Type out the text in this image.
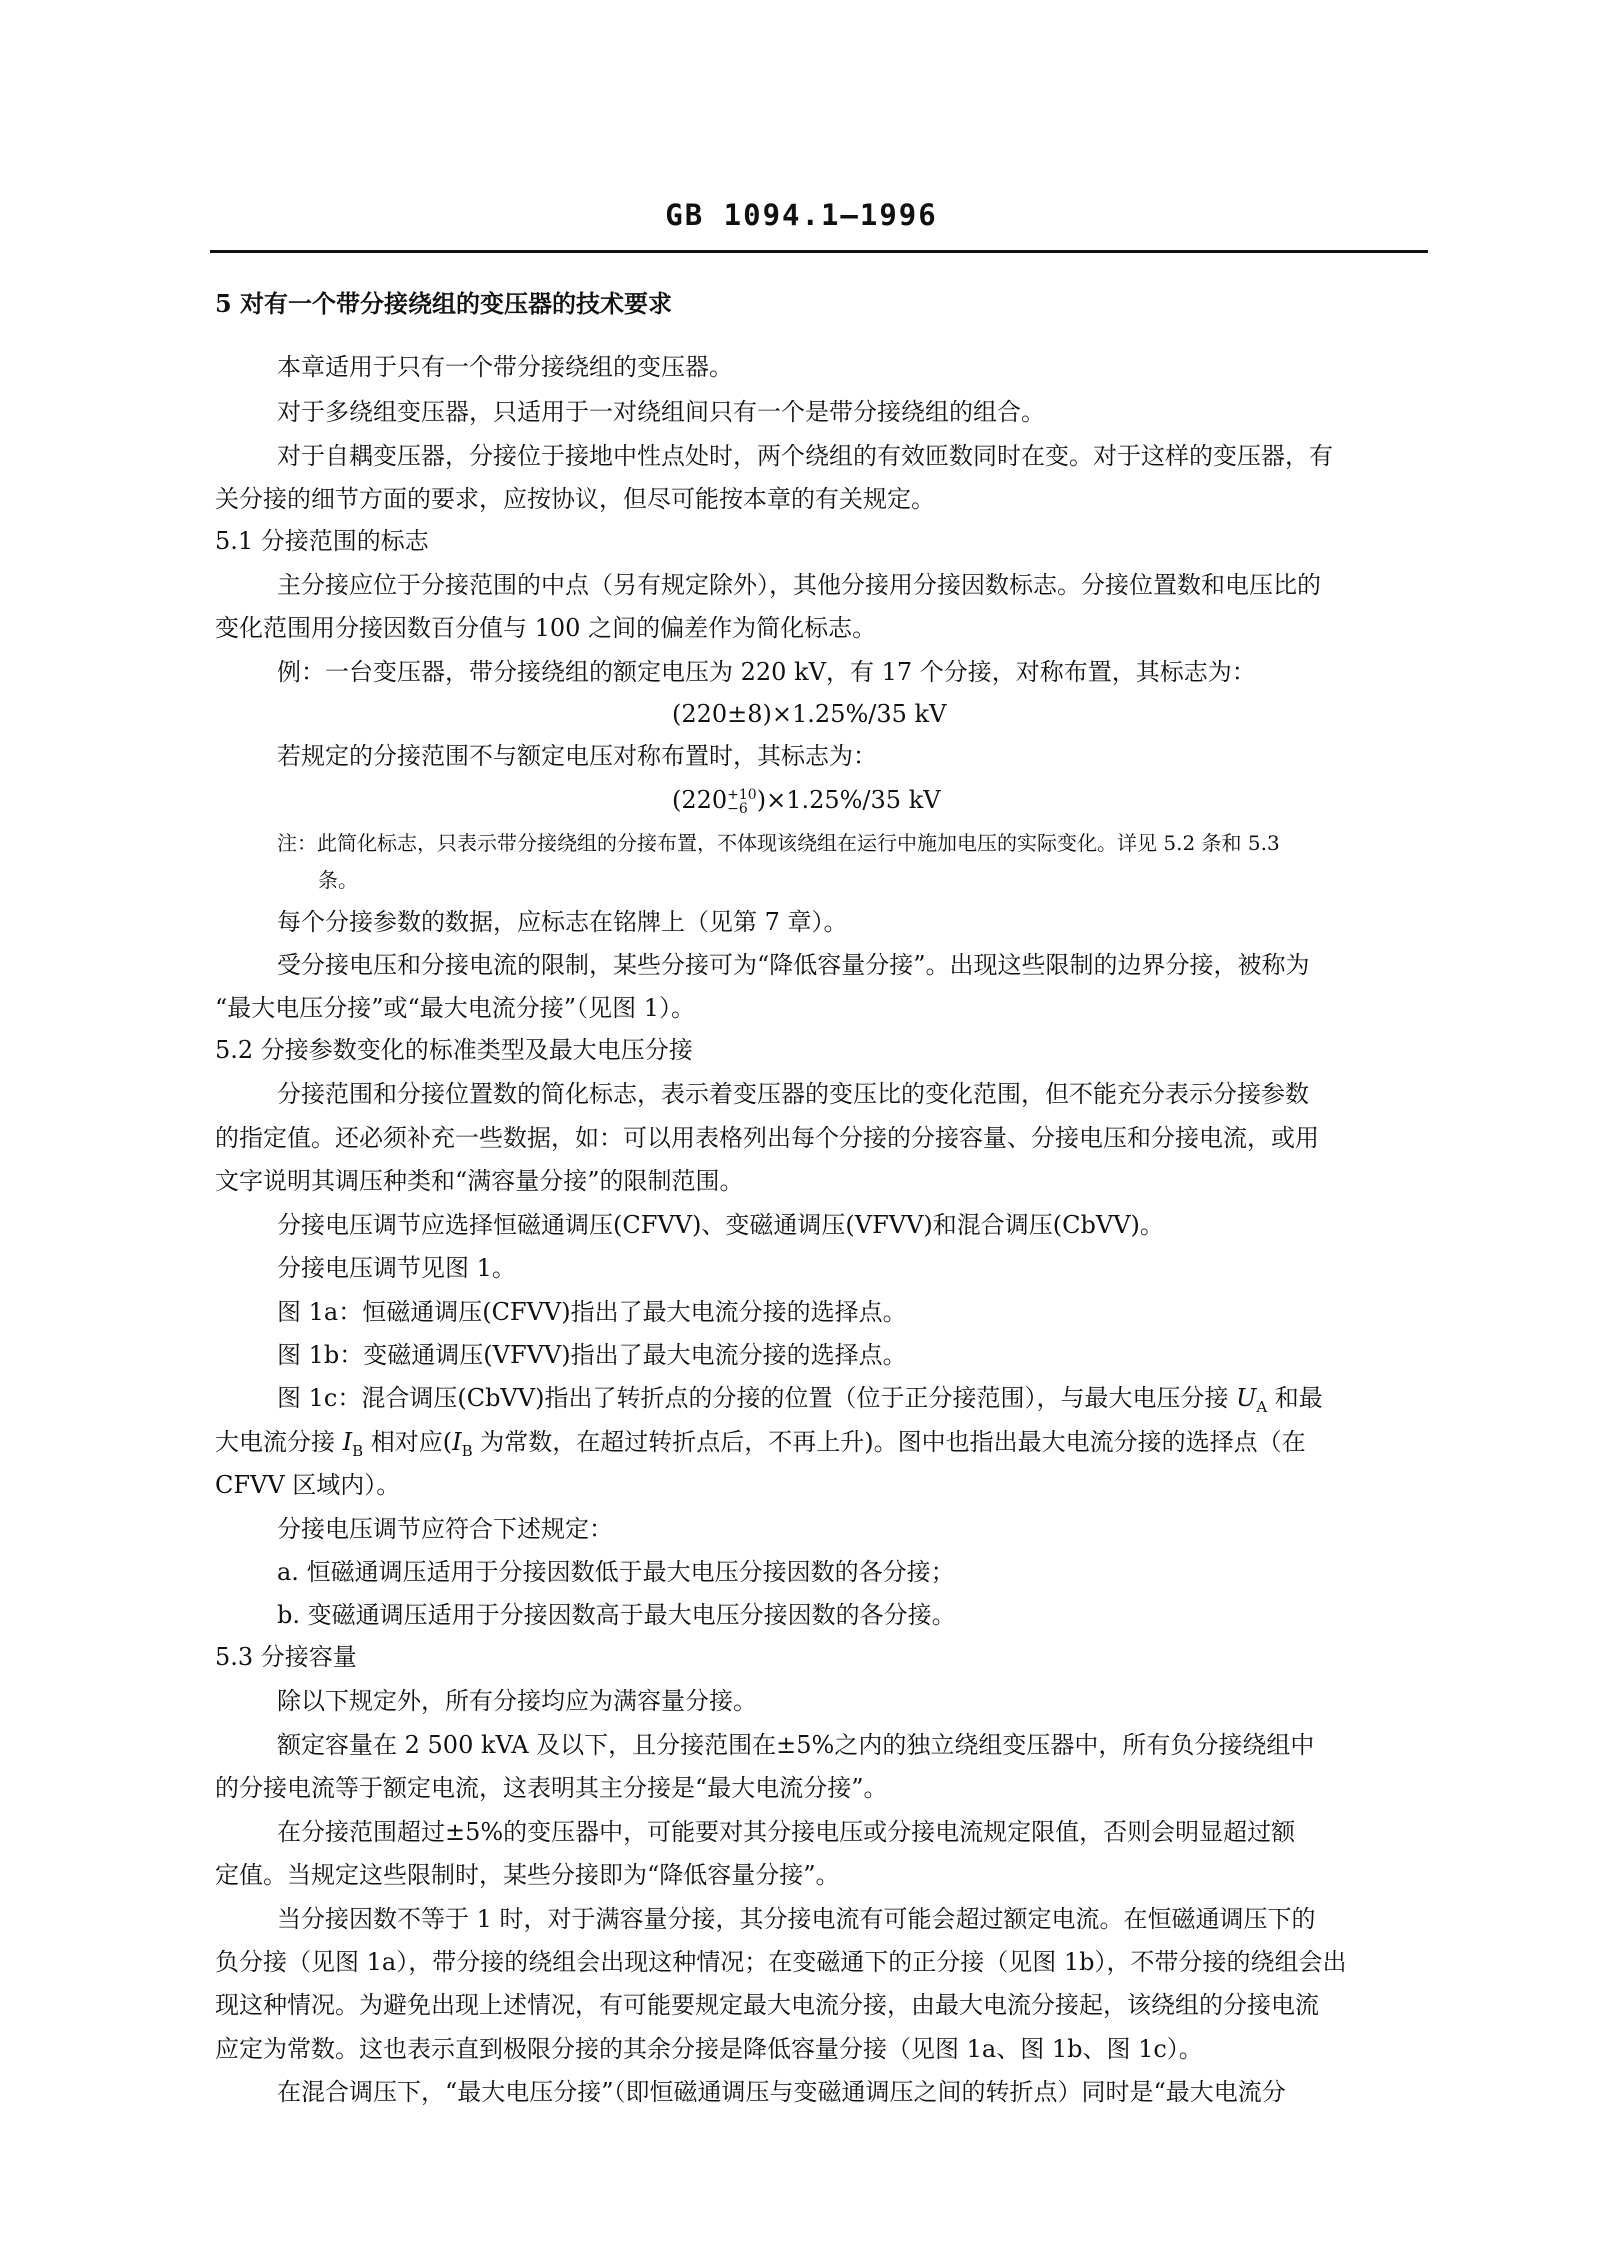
GB 1094.1—1996
5 对有一个带分接绕组的变压器的技术要求
本章适用于只有一个带分接绕组的变压器。
对于多绕组变压器，只适用于一对绕组间只有一个是带分接绕组的组合。
对于自耦变压器，分接位于接地中性点处时，两个绕组的有效匝数同时在变。对于这样的变压器，有
关分接的细节方面的要求，应按协议，但尽可能按本章的有关规定。
5.1 分接范围的标志
主分接应位于分接范围的中点（另有规定除外），其他分接用分接因数标志。分接位置数和电压比的
变化范围用分接因数百分值与 100 之间的偏差作为简化标志。
例：一台变压器，带分接绕组的额定电压为 220 kV，有 17 个分接，对称布置，其标志为：
(220±8)×1.25%/35 kV
若规定的分接范围不与额定电压对称布置时，其标志为：
(220 +10
−6 )×1.25%/35 kV
注：此简化标志，只表示带分接绕组的分接布置，不体现该绕组在运行中施加电压的实际变化。详见 5.2 条和 5.3
条。
每个分接参数的数据，应标志在铭牌上（见第 7 章）。
受分接电压和分接电流的限制，某些分接可为“降低容量分接”。出现这些限制的边界分接，被称为
“最大电压分接”或“最大电流分接”（见图 1）。
5.2 分接参数变化的标准类型及最大电压分接
分接范围和分接位置数的简化标志，表示着变压器的变压比的变化范围，但不能充分表示分接参数
的指定值。还必须补充一些数据，如：可以用表格列出每个分接的分接容量、分接电压和分接电流，或用
文字说明其调压种类和“满容量分接”的限制范围。
分接电压调节应选择恒磁通调压(CFVV)、变磁通调压(VFVV)和混合调压(CbVV)。
分接电压调节见图 1。
图 1a：恒磁通调压(CFVV)指出了最大电流分接的选择点。
图 1b：变磁通调压(VFVV)指出了最大电流分接的选择点。
图 1c：混合调压(CbVV)指出了转折点的分接的位置（位于正分接范围），与最大电压分接 $U_A$ 和最
大电流分接 $I_B$ 相对应($I_B$ 为常数，在超过转折点后，不再上升)。图中也指出最大电流分接的选择点（在
CFVV 区域内）。
分接电压调节应符合下述规定：
a. 恒磁通调压适用于分接因数低于最大电压分接因数的各分接；
b. 变磁通调压适用于分接因数高于最大电压分接因数的各分接。
5.3 分接容量
除以下规定外，所有分接均应为满容量分接。
额定容量在 2 500 kVA 及以下，且分接范围在±5%之内的独立绕组变压器中，所有负分接绕组中
的分接电流等于额定电流，这表明其主分接是“最大电流分接”。
在分接范围超过±5%的变压器中，可能要对其分接电压或分接电流规定限值，否则会明显超过额
定值。当规定这些限制时，某些分接即为“降低容量分接”。
当分接因数不等于 1 时，对于满容量分接，其分接电流有可能会超过额定电流。在恒磁通调压下的
负分接（见图 1a），带分接的绕组会出现这种情况；在变磁通下的正分接（见图 1b），不带分接的绕组会出
现这种情况。为避免出现上述情况，有可能要规定最大电流分接，由最大电流分接起，该绕组的分接电流
应定为常数。这也表示直到极限分接的其余分接是降低容量分接（见图 1a、图 1b、图 1c）。
在混合调压下，“最大电压分接”（即恒磁通调压与变磁通调压之间的转折点）同时是“最大电流分
